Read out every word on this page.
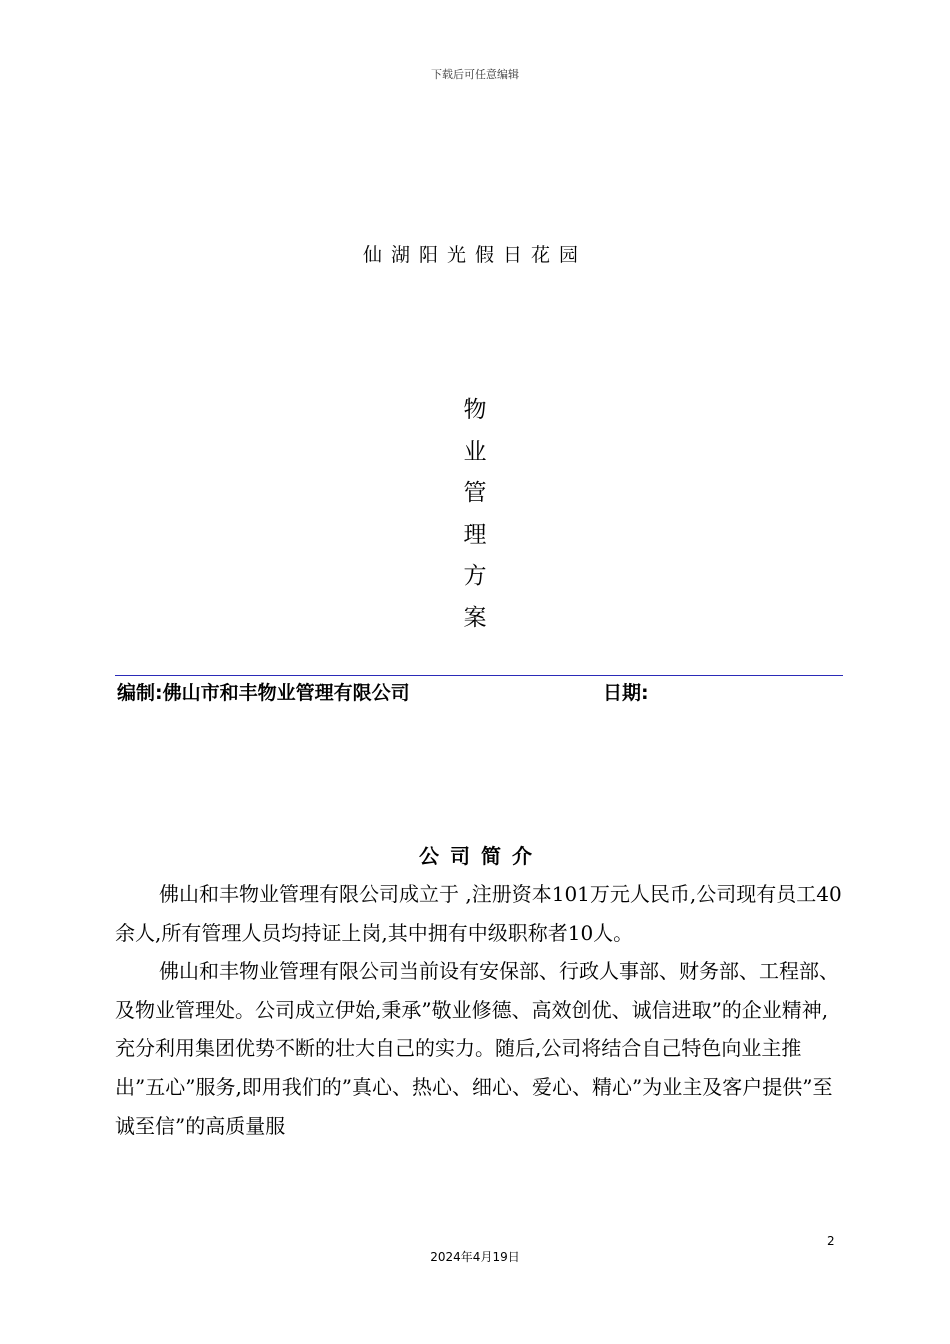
下载后可任意编辑
仙湖阳光假日花园
物
业
管
理
方
案
编制:佛山市和丰物业管理有限公司	日期:
公司简介

佛山和丰物业管理有限公司成立于 ,注册资本101万元人民币,公司现有员工40余人,所有管理人员均持证上岗,其中拥有中级职称者10人。

佛山和丰物业管理有限公司当前设有安保部、行政人事部、财务部、工程部、及物业管理处。公司成立伊始,秉承”敬业修德、高效创优、诚信进取”的企业精神,充分利用集团优势不断的壮大自己的实力。随后,公司将结合自己特色向业主推出”五心”服务,即用我们的”真心、热心、细心、爱心、精心”为业主及客户提供”至诚至信”的高质量服

2
2024年4月19日
